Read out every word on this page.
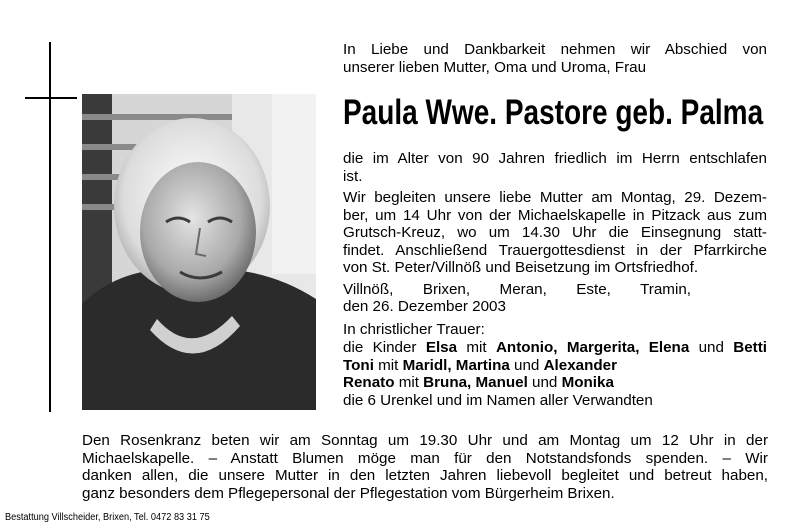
In Liebe und Dankbarkeit nehmen wir Abschied von
unserer lieben Mutter, Oma und Uroma, Frau
Paula Wwe. Pastore geb. Palma
die im Alter von 90 Jahren friedlich im Herrn entschlafen
ist.
Wir begleiten unsere liebe Mutter am Montag, 29. Dezem-
ber, um 14 Uhr von der Michaelskapelle in Pitzack aus zum
Grutsch-Kreuz, wo um 14.30 Uhr die Einsegnung statt-
findet. Anschließend Trauergottesdienst in der Pfarrkirche
von St. Peter/Villnöß und Beisetzung im Ortsfriedhof.
Villnöß, Brixen, Meran, Este, Tramin,
den 26. Dezember 2003
In christlicher Trauer:
die Kinder Elsa mit Antonio, Margerita, Elena und Betti
Toni mit Maridl, Martina und Alexander
Renato mit Bruna, Manuel und Monika
die 6 Urenkel und im Namen aller Verwandten
Den Rosenkranz beten wir am Sonntag um 19.30 Uhr und am Montag um 12 Uhr in der
Michaelskapelle. – Anstatt Blumen möge man für den Notstandsfonds spenden. – Wir
danken allen, die unsere Mutter in den letzten Jahren liebevoll begleitet und betreut haben,
ganz besonders dem Pflegepersonal der Pflegestation vom Bürgerheim Brixen.
Bestattung Villscheider, Brixen, Tel. 0472 83 31 75
